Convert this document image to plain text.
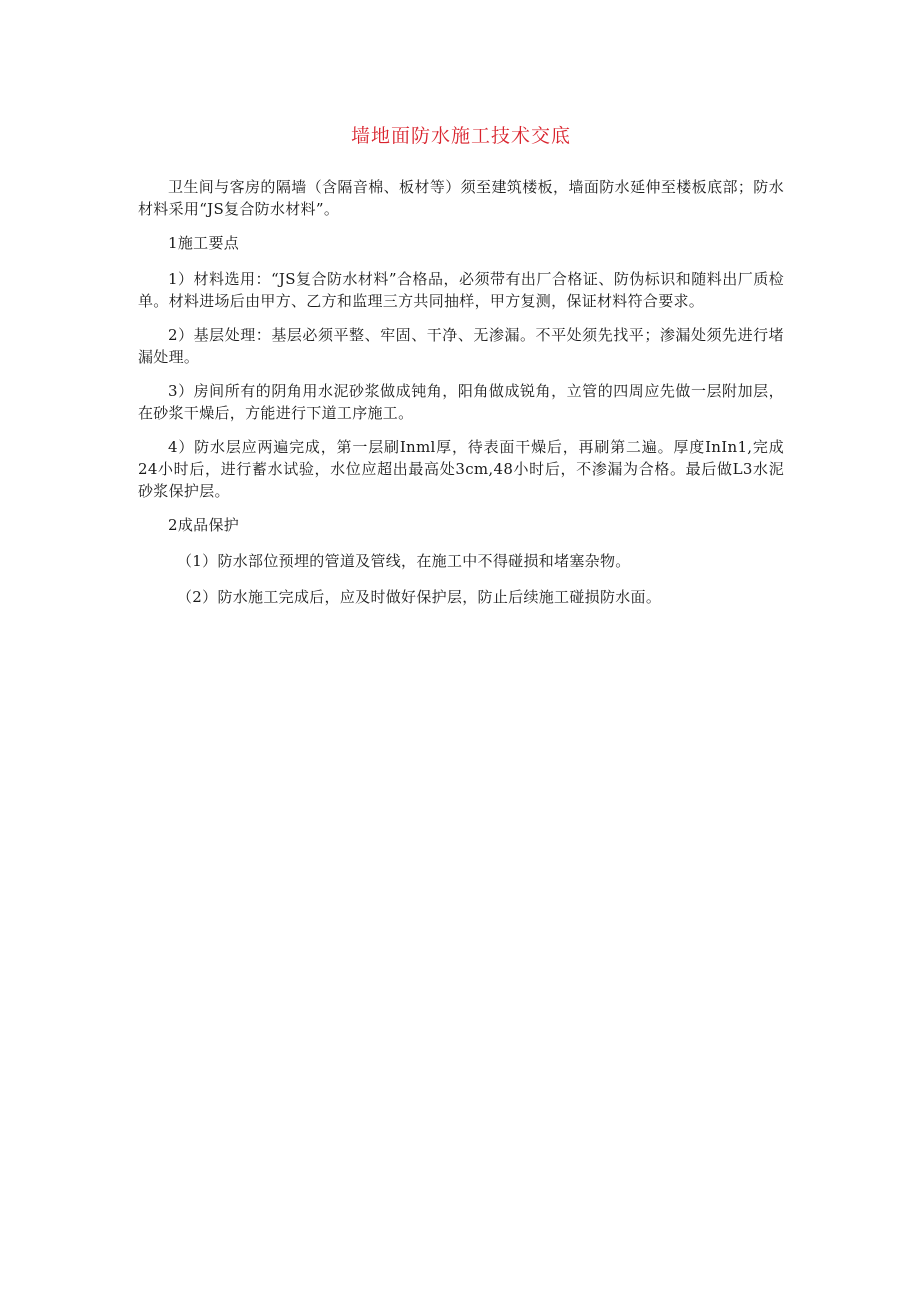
墙地面防水施工技术交底

卫生间与客房的隔墙（含隔音棉、板材等）须至建筑楼板，墙面防水延伸至楼板底部；防水材料采用“JS复合防水材料”。

1施工要点

1）材料选用：“JS复合防水材料”合格品，必须带有出厂合格证、防伪标识和随料出厂质检单。材料进场后由甲方、乙方和监理三方共同抽样，甲方复测，保证材料符合要求。

2）基层处理：基层必须平整、牢固、干净、无渗漏。不平处须先找平；渗漏处须先进行堵漏处理。

3）房间所有的阴角用水泥砂浆做成钝角，阳角做成锐角，立管的四周应先做一层附加层，在砂浆干燥后，方能进行下道工序施工。

4）防水层应两遍完成，第一层刷Inml厚，待表面干燥后，再刷第二遍。厚度InIn1,完成24小时后，进行蓄水试验，水位应超出最高处3cm,48小时后，不渗漏为合格。最后做L3水泥砂浆保护层。

2成品保护

（1）防水部位预埋的管道及管线，在施工中不得碰损和堵塞杂物。

（2）防水施工完成后，应及时做好保护层，防止后续施工碰损防水面。
